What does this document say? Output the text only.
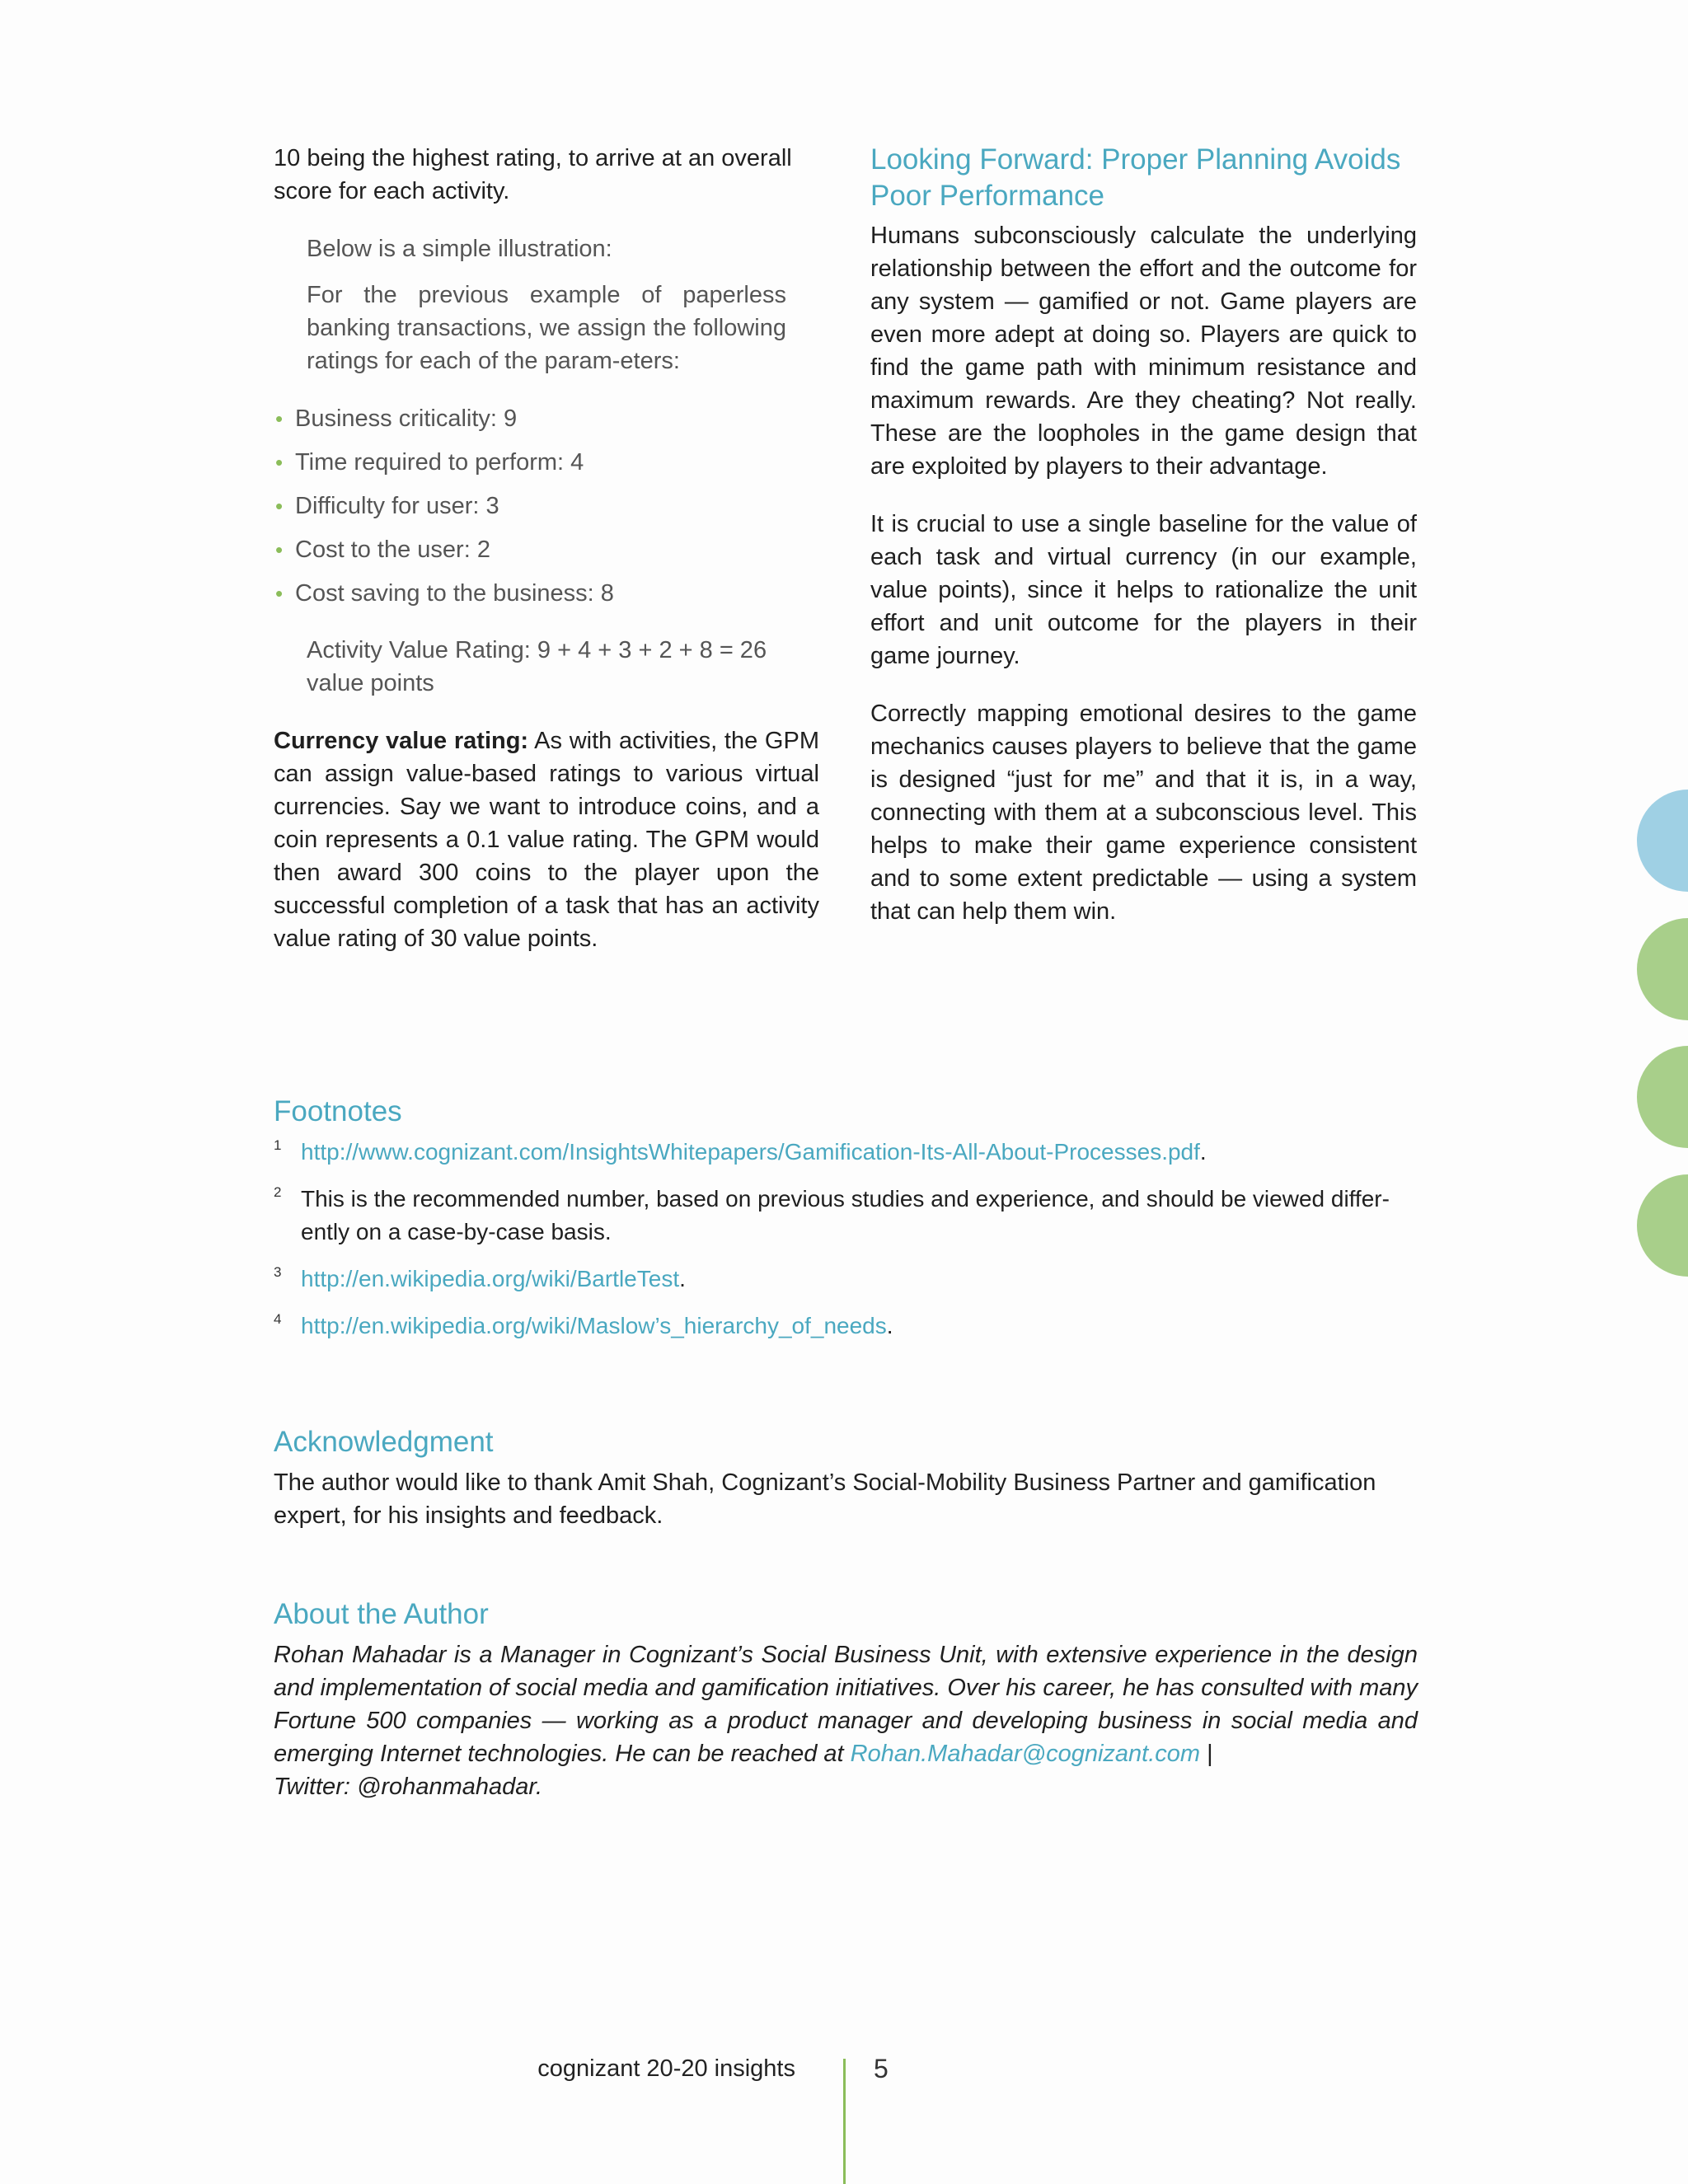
10 being the highest rating, to arrive at an overall score for each activity.

Below is a simple illustration:

For the previous example of paperless banking transactions, we assign the following ratings for each of the param-eters:

• Business criticality: 9
• Time required to perform: 4
• Difficulty for user: 3
• Cost to the user: 2
• Cost saving to the business: 8

Activity Value Rating: 9 + 4 + 3 + 2 + 8 = 26 value points

Currency value rating: As with activities, the GPM can assign value-based ratings to various virtual currencies. Say we want to introduce coins, and a coin represents a 0.1 value rating. The GPM would then award 300 coins to the player upon the successful completion of a task that has an activity value rating of 30 value points.

Looking Forward: Proper Planning Avoids Poor Performance

Humans subconsciously calculate the underlying relationship between the effort and the outcome for any system — gamified or not. Game players are even more adept at doing so. Players are quick to find the game path with minimum resistance and maximum rewards. Are they cheating? Not really. These are the loopholes in the game design that are exploited by players to their advantage.

It is crucial to use a single baseline for the value of each task and virtual currency (in our example, value points), since it helps to rationalize the unit effort and unit outcome for the players in their game journey.

Correctly mapping emotional desires to the game mechanics causes players to believe that the game is designed “just for me” and that it is, in a way, connecting with them at a subconscious level. This helps to make their game experience consistent and to some extent predictable — using a system that can help them win.

Footnotes
1 http://www.cognizant.com/InsightsWhitepapers/Gamification-Its-All-About-Processes.pdf.
2 This is the recommended number, based on previous studies and experience, and should be viewed differ-ently on a case-by-case basis.
3 http://en.wikipedia.org/wiki/BartleTest.
4 http://en.wikipedia.org/wiki/Maslow’s_hierarchy_of_needs.
Acknowledgment

The author would like to thank Amit Shah, Cognizant’s Social-Mobility Business Partner and gamification expert, for his insights and feedback.

About the Author

Rohan Mahadar is a Manager in Cognizant’s Social Business Unit, with extensive experience in the design and implementation of social media and gamification initiatives. Over his career, he has consulted with many Fortune 500 companies — working as a product manager and developing business in social media and emerging Internet technologies. He can be reached at Rohan.Mahadar@cognizant.com |
Twitter: @rohanmahadar.

cognizant 20-20 insights	5
